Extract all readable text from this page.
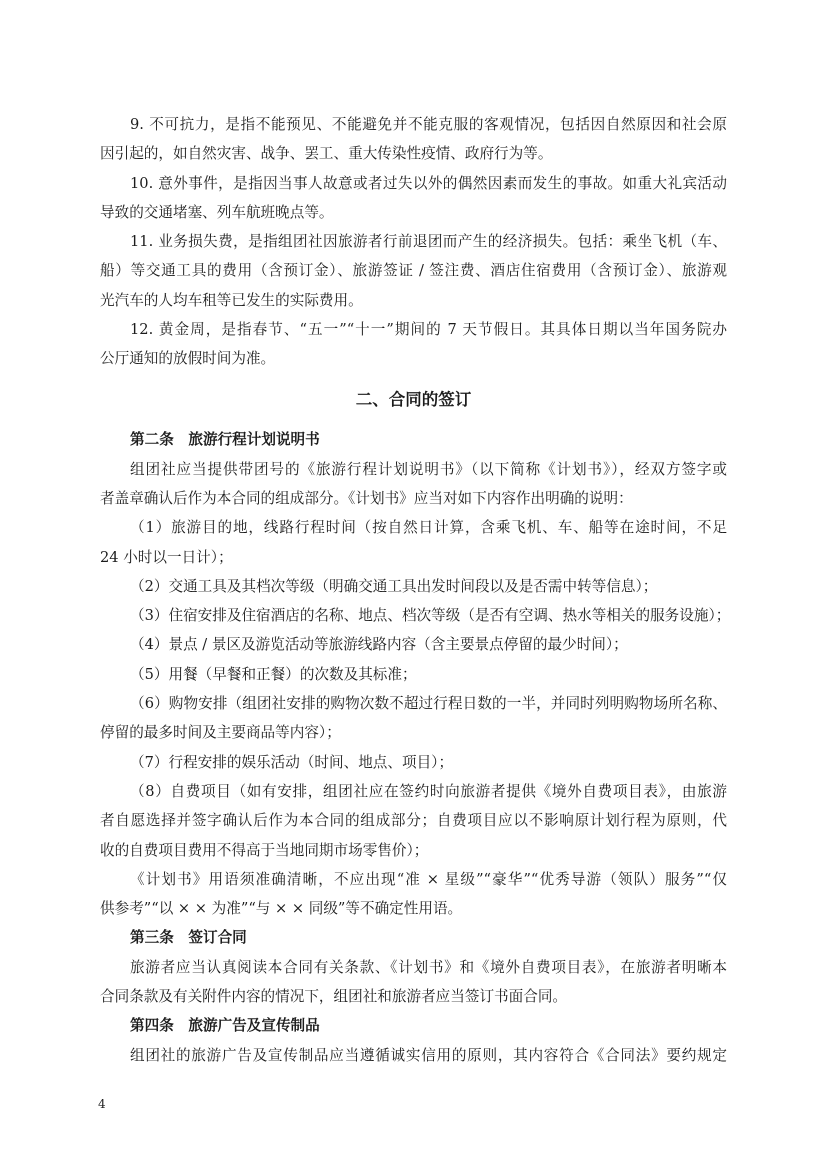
9. 不可抗力，是指不能预见、不能避免并不能克服的客观情况，包括因自然原因和社会原
因引起的，如自然灾害、战争、罢工、重大传染性疫情、政府行为等。
10. 意外事件，是指因当事人故意或者过失以外的偶然因素而发生的事故。如重大礼宾活动
导致的交通堵塞、列车航班晚点等。
11. 业务损失费，是指组团社因旅游者行前退团而产生的经济损失。包括：乘坐飞机（车、
船）等交通工具的费用（含预订金）、旅游签证 / 签注费、酒店住宿费用（含预订金）、旅游观
光汽车的人均车租等已发生的实际费用。
12. 黄金周，是指春节、“五一”“十一”期间的 7 天节假日。其具体日期以当年国务院办
公厅通知的放假时间为准。
二、合同的签订
第二条　旅游行程计划说明书
组团社应当提供带团号的《旅游行程计划说明书》（以下简称《计划书》），经双方签字或
者盖章确认后作为本合同的组成部分。《计划书》应当对如下内容作出明确的说明：
（1）旅游目的地，线路行程时间（按自然日计算，含乘飞机、车、船等在途时间，不足
24 小时以一日计）；
（2）交通工具及其档次等级（明确交通工具出发时间段以及是否需中转等信息）；
（3）住宿安排及住宿酒店的名称、地点、档次等级（是否有空调、热水等相关的服务设施）；
（4）景点 / 景区及游览活动等旅游线路内容（含主要景点停留的最少时间）；
（5）用餐（早餐和正餐）的次数及其标准；
（6）购物安排（组团社安排的购物次数不超过行程日数的一半，并同时列明购物场所名称、
停留的最多时间及主要商品等内容）；
（7）行程安排的娱乐活动（时间、地点、项目）；
（8）自费项目（如有安排，组团社应在签约时向旅游者提供《境外自费项目表》，由旅游
者自愿选择并签字确认后作为本合同的组成部分；自费项目应以不影响原计划行程为原则，代
收的自费项目费用不得高于当地同期市场零售价）；
《计划书》用语须准确清晰，不应出现“准 × 星级”“豪华”“优秀导游（领队）服务”“仅
供参考”“以 × × 为准”“与 × × 同级”等不确定性用语。
第三条　签订合同
旅游者应当认真阅读本合同有关条款、《计划书》和《境外自费项目表》，在旅游者明晰本
合同条款及有关附件内容的情况下，组团社和旅游者应当签订书面合同。
第四条　旅游广告及宣传制品
组团社的旅游广告及宣传制品应当遵循诚实信用的原则，其内容符合《合同法》要约规定
4
